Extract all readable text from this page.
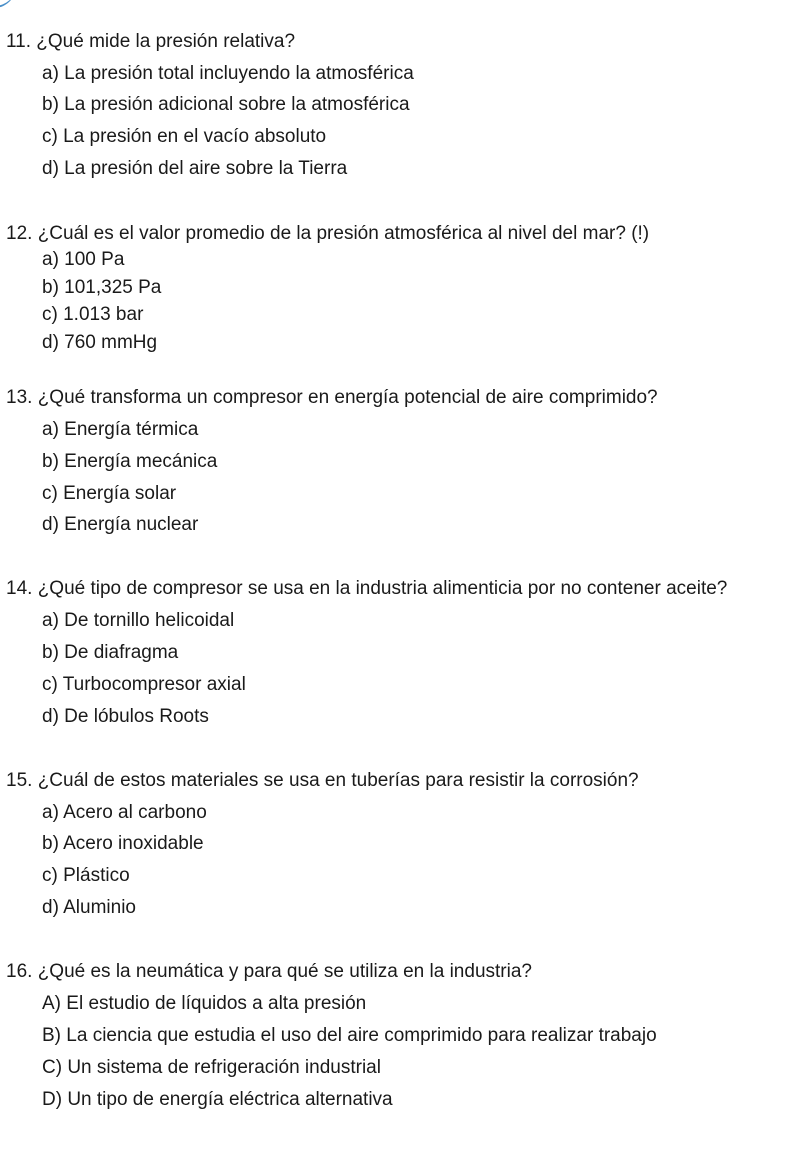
11. ¿Qué mide la presión relativa?
a) La presión total incluyendo la atmosférica
b) La presión adicional sobre la atmosférica
c) La presión en el vacío absoluto
d) La presión del aire sobre la Tierra
12. ¿Cuál es el valor promedio de la presión atmosférica al nivel del mar? (!)
a) 100 Pa
b) 101,325 Pa
c) 1.013 bar
d) 760 mmHg
13. ¿Qué transforma un compresor en energía potencial de aire comprimido?
a) Energía térmica
b) Energía mecánica
c) Energía solar
d) Energía nuclear
14. ¿Qué tipo de compresor se usa en la industria alimenticia por no contener aceite?
a) De tornillo helicoidal
b) De diafragma
c) Turbocompresor axial
d) De lóbulos Roots
15. ¿Cuál de estos materiales se usa en tuberías para resistir la corrosión?
a) Acero al carbono
b) Acero inoxidable
c) Plástico
d) Aluminio
16. ¿Qué es la neumática y para qué se utiliza en la industria?
A) El estudio de líquidos a alta presión
B) La ciencia que estudia el uso del aire comprimido para realizar trabajo
C) Un sistema de refrigeración industrial
D) Un tipo de energía eléctrica alternativa
